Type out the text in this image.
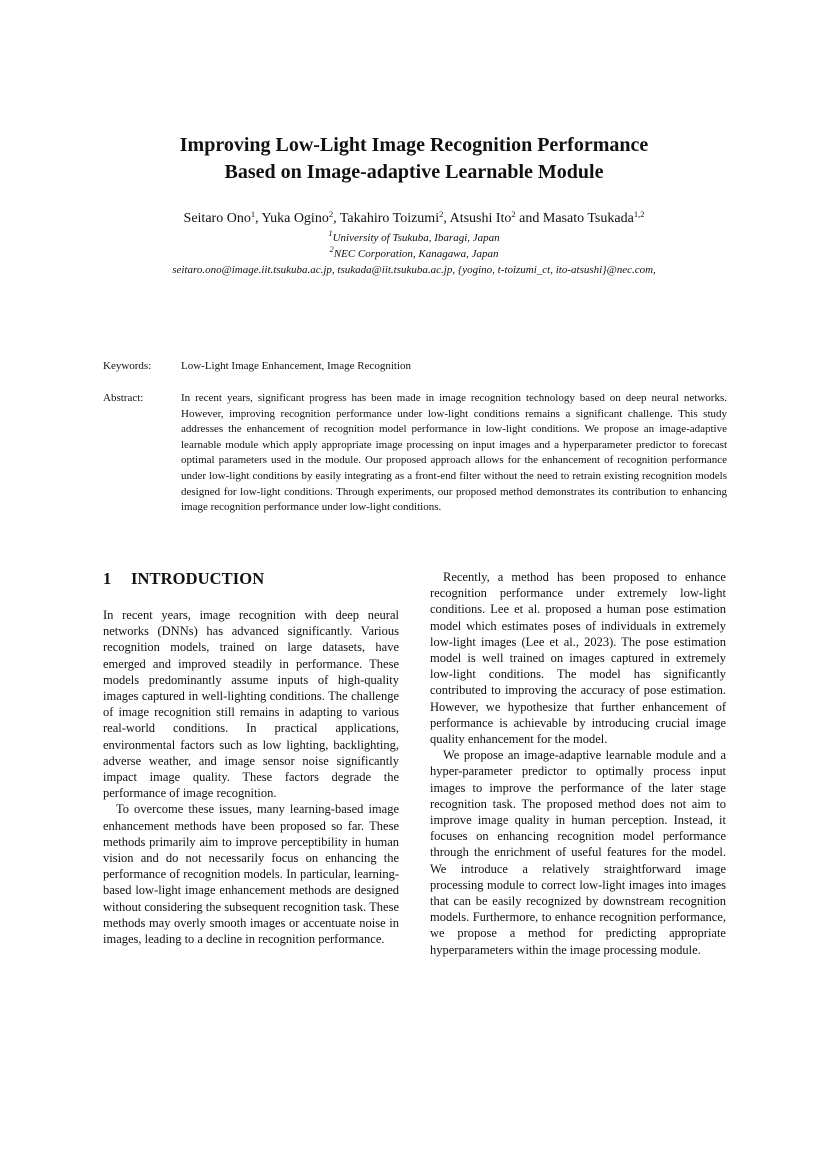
Improving Low-Light Image Recognition Performance
Based on Image-adaptive Learnable Module
Seitaro Ono$^1$, Yuka Ogino$^2$, Takahiro Toizumi$^2$, Atsushi Ito$^2$ and Masato Tsukada$^{1,2}$
$^1$University of Tsukuba, Ibaragi, Japan
$^2$NEC Corporation, Kanagawa, Japan
seitaro.ono@image.iit.tsukuba.ac.jp, tsukada@iit.tsukuba.ac.jp, {yogino, t-toizumi_ct, ito-atsushi}@nec.com,
Keywords:	Low-Light Image Enhancement, Image Recognition
Abstract:	In recent years, significant progress has been made in image recognition technology based on deep neural networks. However, improving recognition performance under low-light conditions remains a significant challenge. This study addresses the enhancement of recognition model performance in low-light conditions. We propose an image-adaptive learnable module which apply appropriate image processing on input images and a hyperparameter predictor to forecast optimal parameters used in the module. Our proposed approach allows for the enhancement of recognition performance under low-light conditions by easily integrating as a front-end filter without the need to retrain existing recognition models designed for low-light conditions. Through experiments, our proposed method demonstrates its contribution to enhancing image recognition performance under low-light conditions.
1 INTRODUCTION

In recent years, image recognition with deep neural networks (DNNs) has advanced significantly. Various recognition models, trained on large datasets, have emerged and improved steadily in performance. These models predominantly assume inputs of high-quality images captured in well-lighting conditions. The challenge of image recognition still remains in adapting to various real-world conditions. In practical applications, environmental factors such as low lighting, backlighting, adverse weather, and image sensor noise significantly impact image quality. These factors degrade the performance of image recognition.

To overcome these issues, many learning-based image enhancement methods have been proposed so far. These methods primarily aim to improve perceptibility in human vision and do not necessarily focus on enhancing the performance of recognition models. In particular, learning-based low-light image enhancement methods are designed without considering the subsequent recognition task. These methods may overly smooth images or accentuate noise in images, leading to a decline in recognition performance.

Recently, a method has been proposed to enhance recognition performance under extremely low-light conditions. Lee et al. proposed a human pose estimation model which estimates poses of individuals in extremely low-light images (Lee et al., 2023). The pose estimation model is well trained on images captured in extremely low-light conditions. The model has significantly contributed to improving the accuracy of pose estimation. However, we hypothesize that further enhancement of performance is achievable by introducing crucial image quality enhancement for the model.

We propose an image-adaptive learnable module and a hyper-parameter predictor to optimally process input images to improve the performance of the later stage recognition task. The proposed method does not aim to improve image quality in human perception. Instead, it focuses on enhancing recognition model performance through the enrichment of useful features for the model. We introduce a relatively straightforward image processing module to correct low-light images into images that can be easily recognized by downstream recognition models. Furthermore, to enhance recognition performance, we propose a method for predicting appropriate hyperparameters within the image processing module.
